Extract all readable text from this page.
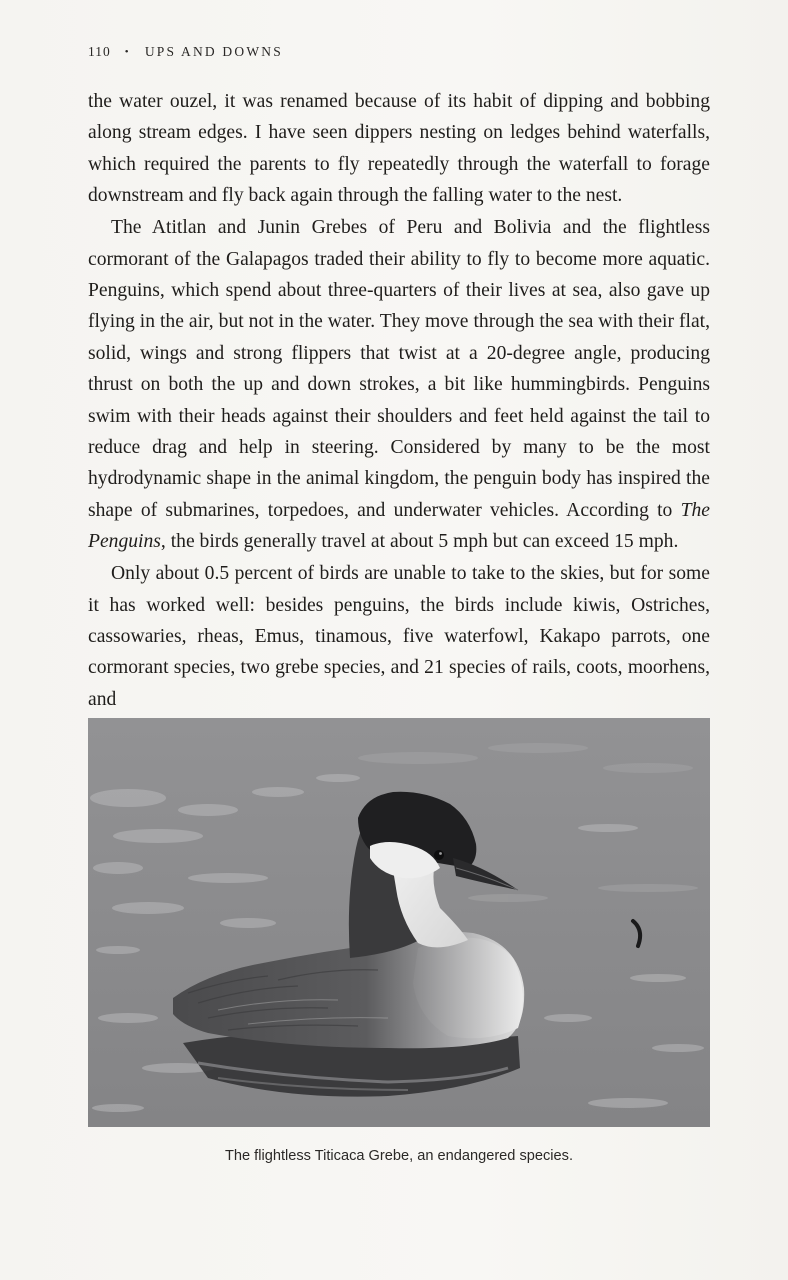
110 • UPS AND DOWNS

the water ouzel, it was renamed because of its habit of dipping and bobbing along stream edges. I have seen dippers nesting on ledges behind waterfalls, which required the parents to fly repeatedly through the waterfall to forage downstream and fly back again through the falling water to the nest.

The Atitlan and Junin Grebes of Peru and Bolivia and the flightless cormorant of the Galapagos traded their ability to fly to become more aquatic. Penguins, which spend about three-quarters of their lives at sea, also gave up flying in the air, but not in the water. They move through the sea with their flat, solid, wings and strong flippers that twist at a 20-degree angle, producing thrust on both the up and down strokes, a bit like hummingbirds. Penguins swim with their heads against their shoulders and feet held against the tail to reduce drag and help in steering. Considered by many to be the most hydrodynamic shape in the animal kingdom, the penguin body has inspired the shape of submarines, torpedoes, and underwater vehicles. According to The Penguins, the birds generally travel at about 5 mph but can exceed 15 mph.

Only about 0.5 percent of birds are unable to take to the skies, but for some it has worked well: besides penguins, the birds include kiwis, Ostriches, cassowaries, rheas, Emus, tinamous, five waterfowl, Kakapo parrots, one cormorant species, two grebe species, and 21 species of rails, coots, moorhens, and

The flightless Titicaca Grebe, an endangered species.
